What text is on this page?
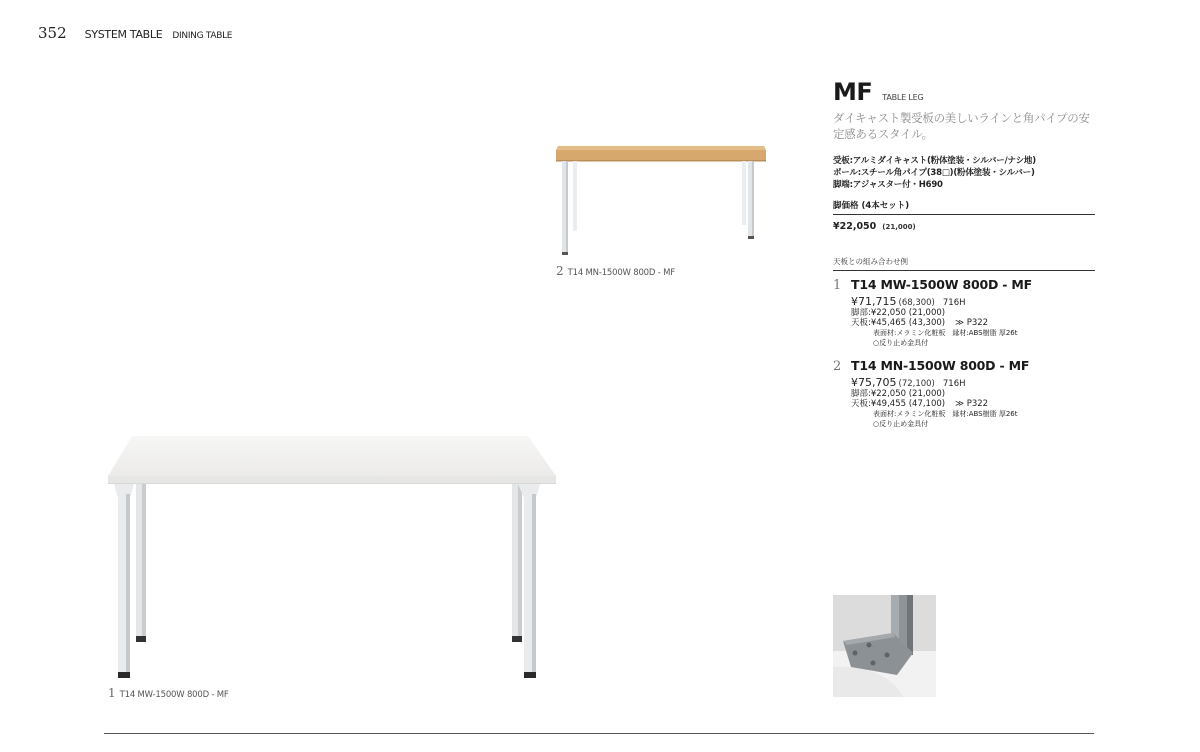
352 SYSTEM TABLE DINING TABLE
2 T14 MN-1500W 800D - MF
1 T14 MW-1500W 800D - MF
MF TABLE LEG
ダイキャスト製受板の美しいラインと角パイプの安定感あるスタイル。
受板:アルミダイキャスト(粉体塗装・シルバー/ナシ地)
ポール:スチール角パイプ(38□)(粉体塗装・シルバー)
脚端:アジャスター付・H690
脚価格 (4本セット)
¥22,050 (21,000)
天板との組み合わせ例
1 T14 MW-1500W 800D - MF
¥71,715 (68,300) 716H
脚部:¥22,050 (21,000)
天板:¥45,465 (43,300) ≫ P322
表面材:メラミン化粧板　縁材:ABS樹脂 厚26t
○反り止め金具付
2 T14 MN-1500W 800D - MF
¥75,705 (72,100) 716H
脚部:¥22,050 (21,000)
天板:¥49,455 (47,100) ≫ P322
表面材:メラミン化粧板　縁材:ABS樹脂 厚26t
○反り止め金具付
